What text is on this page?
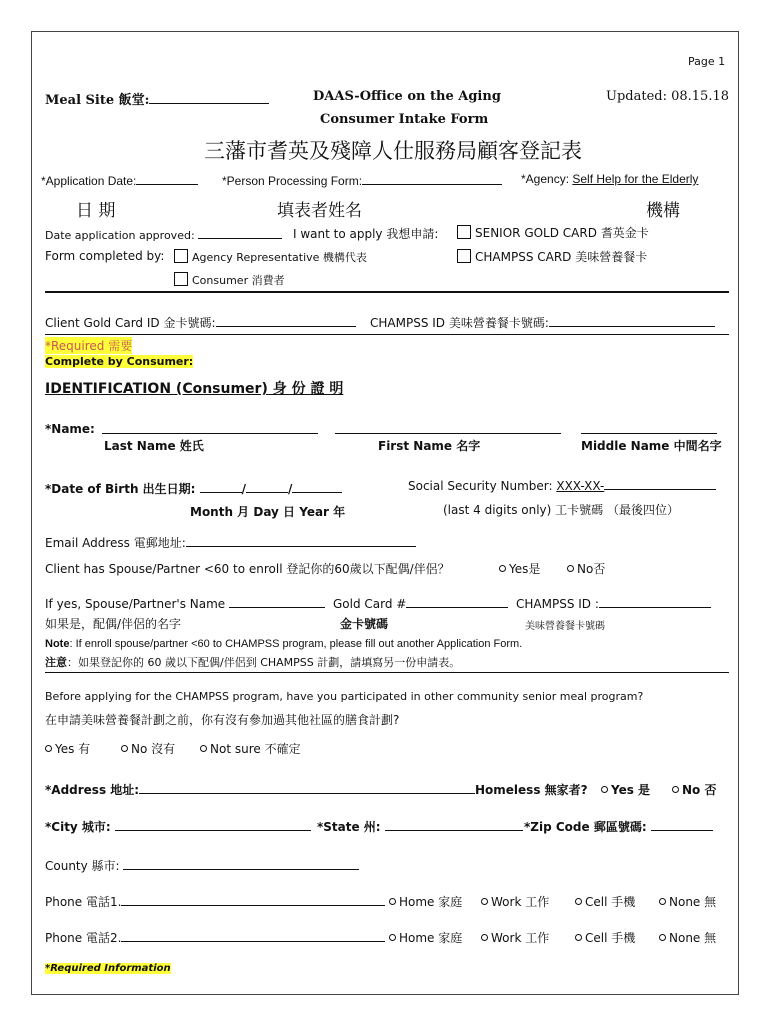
Page 1
Meal Site 飯堂:	DAAS-Office on the Aging
Consumer Intake Form
Updated: 08.15.18
三藩市耆英及殘障人仕服務局顧客登記表
*Application Date:	*Person Processing Form:	*Agency: Self Help for the Elderly
日 期	填表者姓名	機構
Date application approved:	I want to apply 我想申請:	SENIOR GOLD CARD 耆英金卡
Form completed by:	Agency Representative 機構代表	CHAMPSS CARD 美味營養餐卡
Consumer 消費者
Client Gold Card ID 金卡號碼:	CHAMPSS ID 美味營養餐卡號碼:
*Required 需要
Complete by Consumer:
IDENTIFICATION (Consumer) 身 份 證 明
*Name:
Last Name 姓氏	First Name 名字	Middle Name 中間名字
*Date of Birth 出生日期:	/	/
Month 月 Day 日 Year 年
Social Security Number: XXX-XX-
(last 4 digits only) 工卡號碼 （最後四位）
Email Address 電郵地址:
Client has Spouse/Partner <60 to enroll 登記你的60歲以下配偶/伴侶？	Yes是	No否
If yes, Spouse/Partner's Name	Gold Card #	CHAMPSS ID :
如果是，配偶/伴侶的名字	金卡號碼	美味營養餐卡號碼
Note: If enroll spouse/partner <60 to CHAMPSS program, please fill out another Application Form.
注意：如果登記你的 60 歲以下配偶/伴侶到 CHAMPSS 計劃，請填寫另一份申請表。
Before applying for the CHAMPSS program, have you participated in other community senior meal program?
在申請美味營養餐計劃之前，你有沒有參加過其他社區的膳食計劃?
Yes 有	No 沒有	Not sure 不確定
*Address 地址:	Homeless 無家者?	Yes 是	No 否
*City 城市:	*State 州:	*Zip Code 郵區號碼:
County 縣市:
Phone 電話1.	Home 家庭	Work 工作	Cell 手機	None 無
Phone 電話2.	Home 家庭	Work 工作	Cell 手機	None 無
*Required Information
